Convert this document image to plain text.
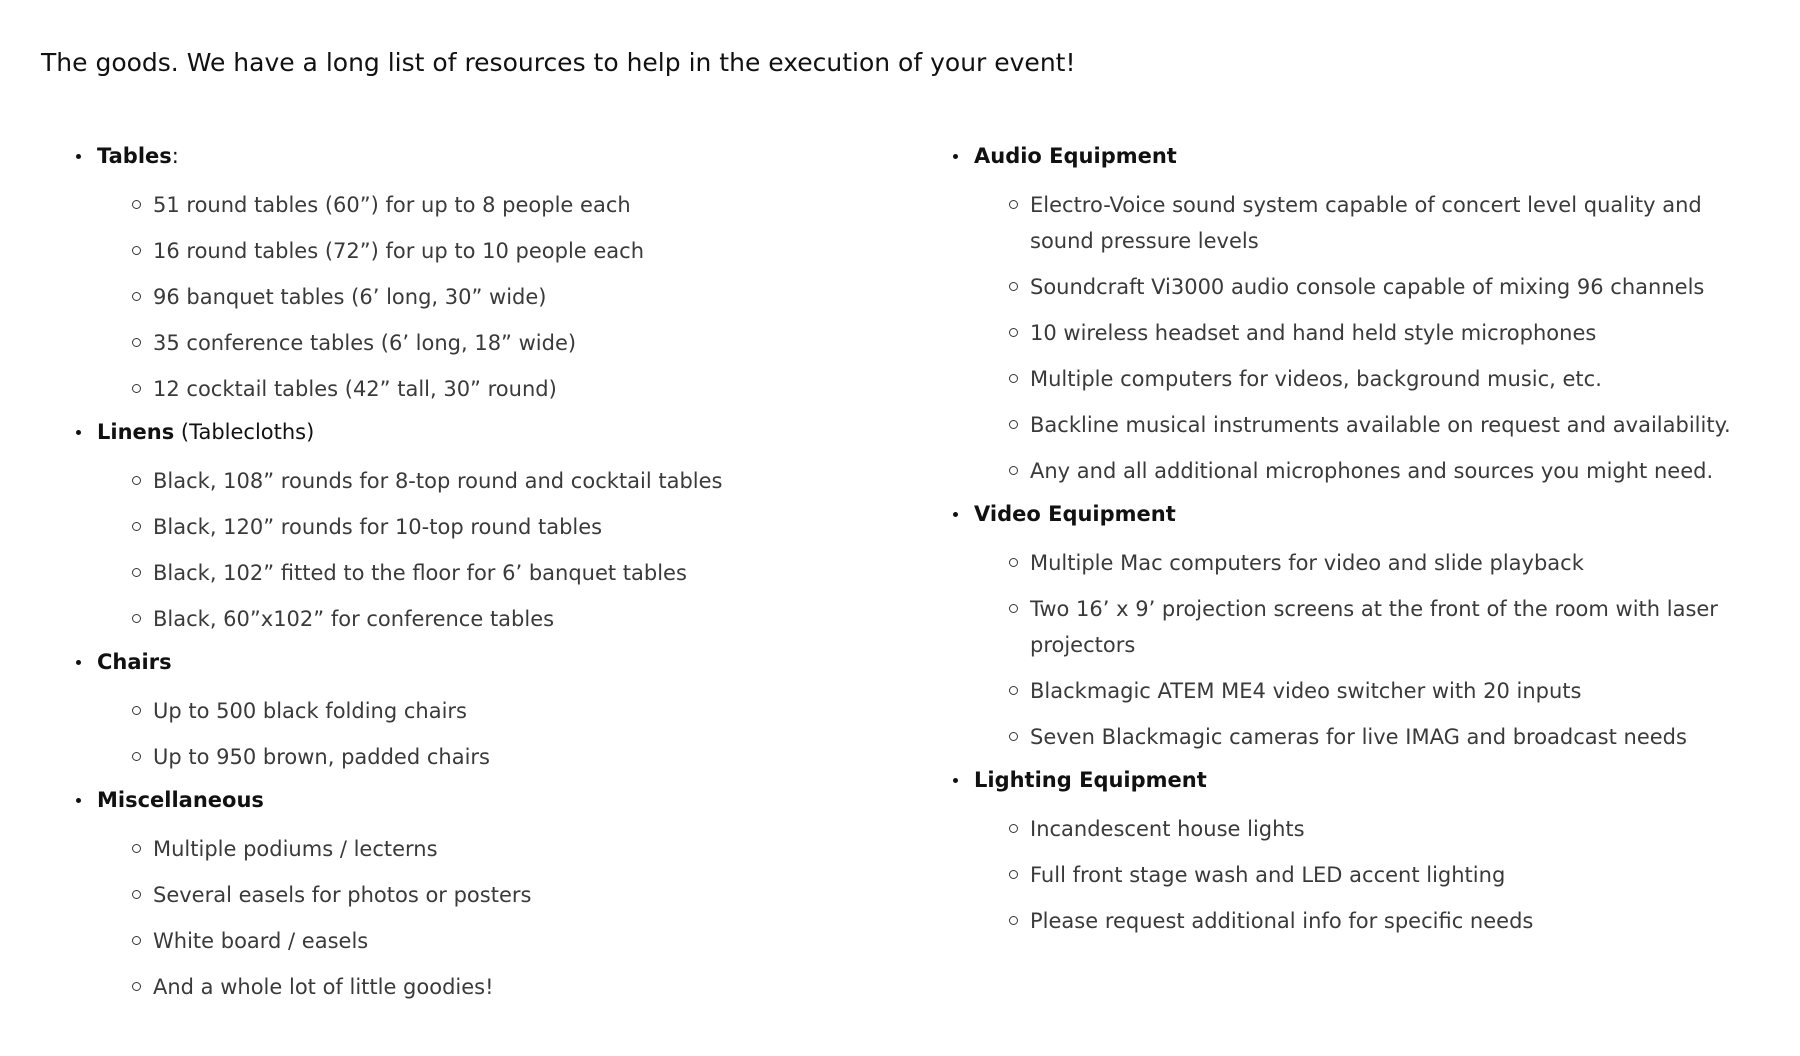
The goods. We have a long list of resources to help in the execution of your event!
Tables:
51 round tables (60”) for up to 8 people each
16 round tables (72”) for up to 10 people each
96 banquet tables (6’ long, 30” wide)
35 conference tables (6’ long, 18” wide)
12 cocktail tables (42” tall, 30” round)
Linens (Tablecloths)
Black, 108” rounds for 8-top round and cocktail tables
Black, 120” rounds for 10-top round tables
Black, 102” fitted to the floor for 6’ banquet tables
Black, 60”x102” for conference tables
Chairs
Up to 500 black folding chairs
Up to 950 brown, padded chairs
Miscellaneous
Multiple podiums / lecterns
Several easels for photos or posters
White board / easels
And a whole lot of little goodies!
Audio Equipment
Electro-Voice sound system capable of concert level quality and sound pressure levels
Soundcraft Vi3000 audio console capable of mixing 96 channels
10 wireless headset and hand held style microphones
Multiple computers for videos, background music, etc.
Backline musical instruments available on request and availability.
Any and all additional microphones and sources you might need.
Video Equipment
Multiple Mac computers for video and slide playback
Two 16’ x 9’ projection screens at the front of the room with laser projectors
Blackmagic ATEM ME4 video switcher with 20 inputs
Seven Blackmagic cameras for live IMAG and broadcast needs
Lighting Equipment
Incandescent house lights
Full front stage wash and LED accent lighting
Please request additional info for specific needs
